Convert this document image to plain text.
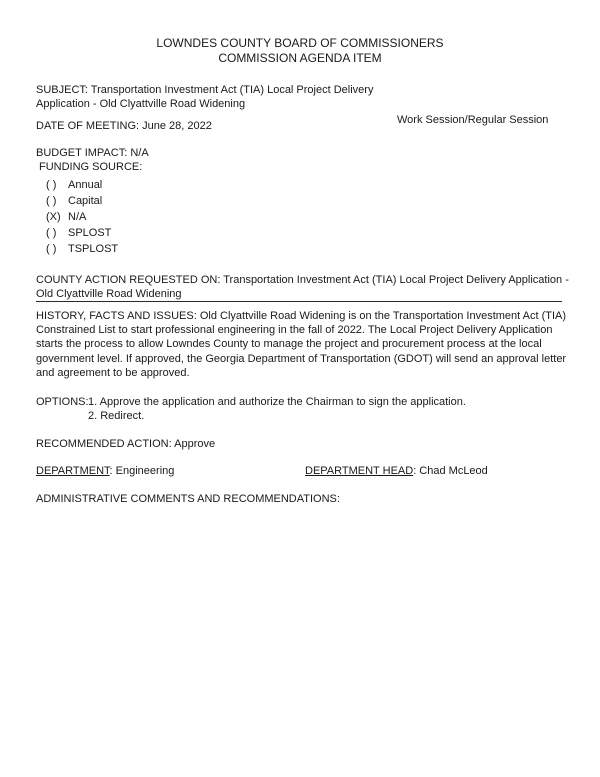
LOWNDES COUNTY BOARD OF COMMISSIONERS
COMMISSION AGENDA ITEM
SUBJECT: Transportation Investment Act (TIA) Local Project Delivery
Application - Old Clyattville Road Widening
DATE OF MEETING: June 28, 2022	Work Session/Regular Session
BUDGET IMPACT: N/A
FUNDING SOURCE:
( ) Annual
( ) Capital
(X) N/A
( ) SPLOST
( ) TSPLOST
COUNTY ACTION REQUESTED ON: Transportation Investment Act (TIA) Local Project Delivery Application -
Old Clyattville Road Widening
HISTORY, FACTS AND ISSUES: Old Clyattville Road Widening is on the Transportation Investment Act (TIA)
Constrained List to start professional engineering in the fall of 2022. The Local Project Delivery Application
starts the process to allow Lowndes County to manage the project and procurement process at the local
government level. If approved, the Georgia Department of Transportation (GDOT) will send an approval letter
and agreement to be approved.
OPTIONS: 1. Approve the application and authorize the Chairman to sign the application.
2. Redirect.
RECOMMENDED ACTION: Approve
DEPARTMENT: Engineering	DEPARTMENT HEAD: Chad McLeod
ADMINISTRATIVE COMMENTS AND RECOMMENDATIONS:
